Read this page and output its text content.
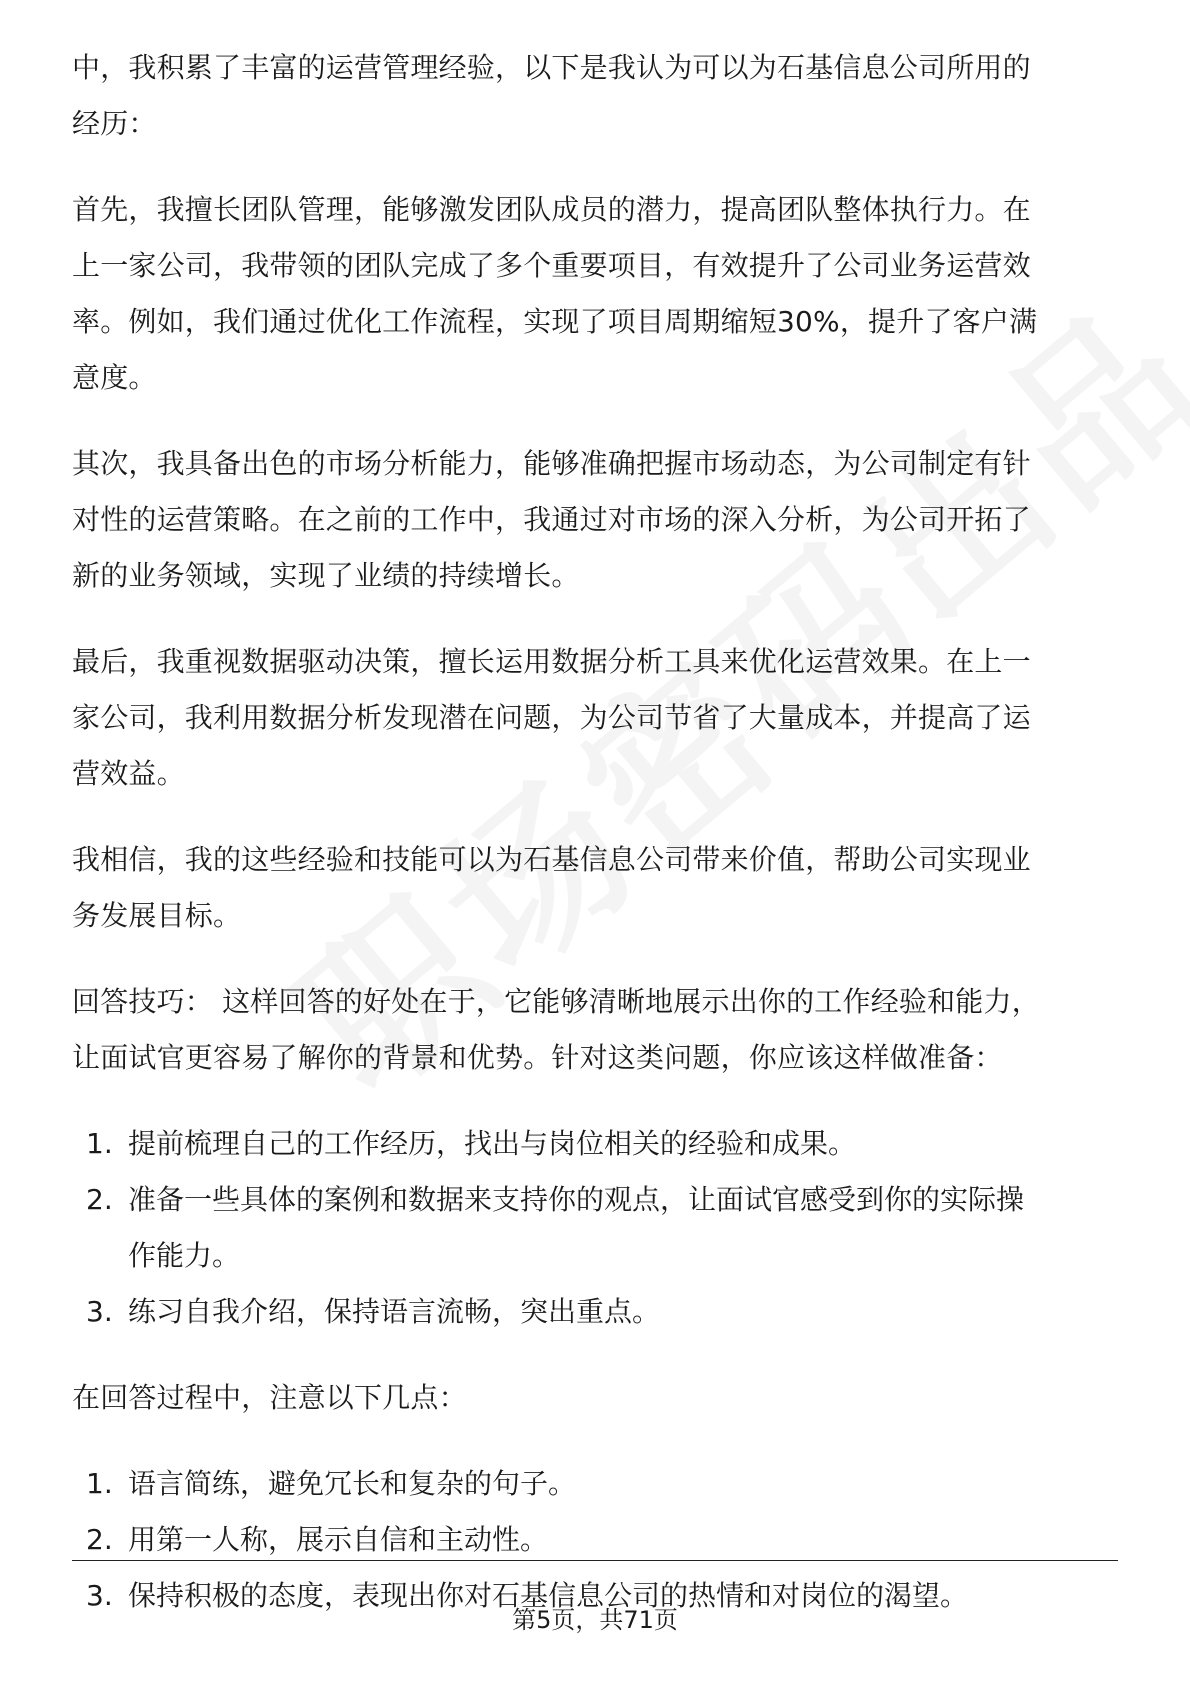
中，我积累了丰富的运营管理经验，以下是我认为可以为石基信息公司所用的经历：

首先，我擅长团队管理，能够激发团队成员的潜力，提高团队整体执行力。在上一家公司，我带领的团队完成了多个重要项目，有效提升了公司业务运营效率。例如，我们通过优化工作流程，实现了项目周期缩短30%，提升了客户满意度。

其次，我具备出色的市场分析能力，能够准确把握市场动态，为公司制定有针对性的运营策略。在之前的工作中，我通过对市场的深入分析，为公司开拓了新的业务领域，实现了业绩的持续增长。

最后，我重视数据驱动决策，擅长运用数据分析工具来优化运营效果。在上一家公司，我利用数据分析发现潜在问题，为公司节省了大量成本，并提高了运营效益。

我相信，我的这些经验和技能可以为石基信息公司带来价值，帮助公司实现业务发展目标。

回答技巧： 这样回答的好处在于，它能够清晰地展示出你的工作经验和能力，让面试官更容易了解你的背景和优势。针对这类问题，你应该这样做准备：

1. 提前梳理自己的工作经历，找出与岗位相关的经验和成果。
2. 准备一些具体的案例和数据来支持你的观点，让面试官感受到你的实际操作能力。
3. 练习自我介绍，保持语言流畅，突出重点。

在回答过程中，注意以下几点：

1. 语言简练，避免冗长和复杂的句子。
2. 用第一人称，展示自信和主动性。
3. 保持积极的态度，表现出你对石基信息公司的热情和对岗位的渴望。
第5页，共71页
